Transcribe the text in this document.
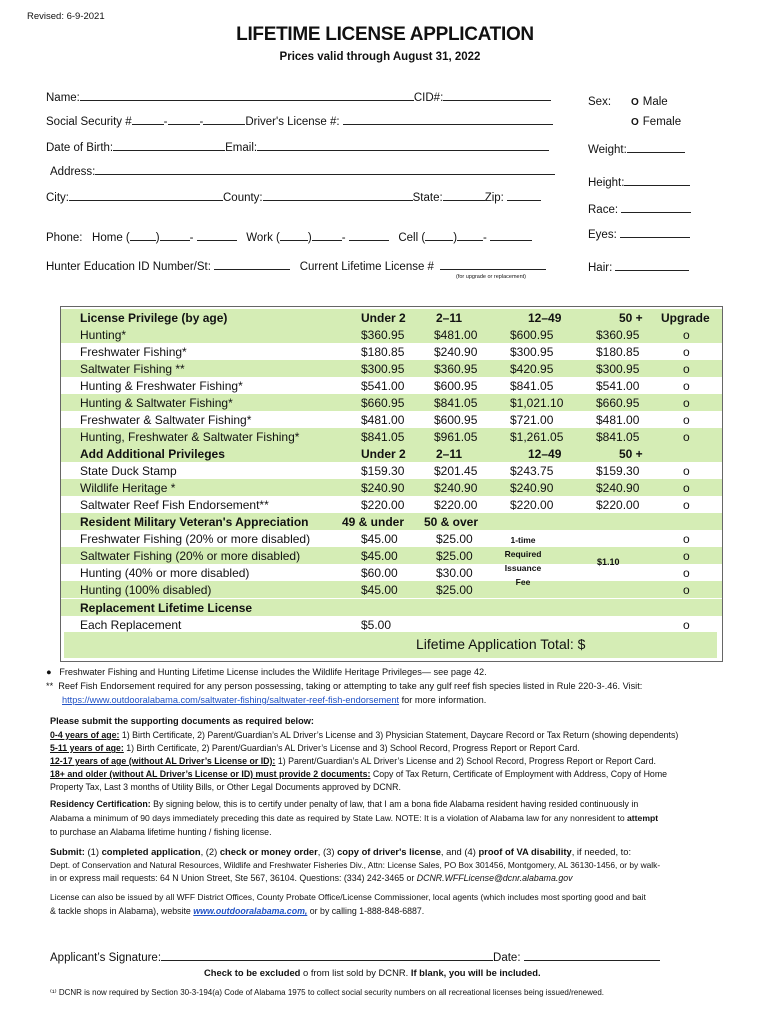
Revised: 6-9-2021
LIFETIME LICENSE APPLICATION
Prices valid through August 31, 2022
Name:	CID#:
Social Security #	-	-	Driver's License #:
Date of Birth:	Email:
Address:
City:	County:	State:	Zip:
Phone: Home ( )	-	Work ( )	-	Cell ( ) -
Hunter Education ID Number/St:	Current Lifetime License #
(for upgrade or replacement)
Sex: O Male
O Female
Weight:
Height:
Race:
Eyes:
Hair:
License Privilege (by age)	Under 2	2–11	12–49	50 + Upgrade
Hunting*	$360.95 $481.00	$600.95	$360.95	o
Freshwater Fishing*	$180.85 $240.90	$300.95	$180.85	o
Saltwater Fishing **	$300.95 $360.95	$420.95	$300.95	o
Hunting & Freshwater Fishing*	$541.00 $600.95	$841.05	$541.00	o
Hunting & Saltwater Fishing*	$660.95 $841.05	$1,021.10	$660.95	o
Freshwater & Saltwater Fishing*	$481.00 $600.95	$721.00	$481.00	o
Hunting, Freshwater & Saltwater Fishing*	$841.05 $961.05	$1,261.05	$841.05	o
Add Additional Privileges	Under 2	2–11	12–49	50 +
State Duck Stamp	$159.30 $201.45	$243.75	$159.30	o
Wildlife Heritage *	$240.90 $240.90	$240.90	$240.90	o
Saltwater Reef Fish Endorsement**	$220.00 $220.00	$220.00	$220.00	o
Resident Military Veteran's Appreciation	49 & under 50 & over
Freshwater Fishing (20% or more disabled)	$45.00	$25.00	o
Saltwater Fishing (20% or more disabled)	$45.00	$25.00	o
Hunting (40% or more disabled)	$60.00	$30.00	o
Hunting (100% disabled)	$45.00	$25.00	o
1-time
Required
Issuance
Fee
$1.10
Replacement Lifetime License
Each Replacement	$5.00	o
Lifetime Application Total: $
● Freshwater Fishing and Hunting Lifetime License includes the Wildlife Heritage Privileges— see page 42.
** Reef Fish Endorsement required for any person possessing, taking or attempting to take any gulf reef fish species listed in Rule 220-3-.46. Visit:
https://www.outdooralabama.com/saltwater-fishing/saltwater-reef-fish-endorsement for more information.
Please submit the supporting documents as required below:
0-4 years of age: 1) Birth Certificate, 2) Parent/Guardian’s AL Driver’s License and 3) Physician Statement, Daycare Record or Tax Return (showing dependents)
5-11 years of age: 1) Birth Certificate, 2) Parent/Guardian’s AL Driver’s License and 3) School Record, Progress Report or Report Card.
12-17 years of age (without AL Driver’s License or ID): 1) Parent/Guardian’s AL Driver’s License and 2) School Record, Progress Report or Report Card.
18+ and older (without AL Driver’s License or ID) must provide 2 documents: Copy of Tax Return, Certificate of Employment with Address, Copy of Home
Property Tax, Last 3 months of Utility Bills, or Other Legal Documents approved by DCNR.
Residency Certification: By signing below, this is to certify under penalty of law, that I am a bona fide Alabama resident having resided continuously in
Alabama a minimum of 90 days immediately preceding this date as required by State Law. NOTE: It is a violation of Alabama law for any nonresident to attempt
to purchase an Alabama lifetime hunting / fishing license.
Submit: (1) completed application, (2) check or money order, (3) copy of driver's license, and (4) proof of VA disability, if needed, to:
Dept. of Conservation and Natural Resources, Wildlife and Freshwater Fisheries Div., Attn: License Sales, PO Box 301456, Montgomery, AL 36130-1456, or by walk-
in or express mail requests: 64 N Union Street, Ste 567, 36104. Questions: (334) 242-3465 or DCNR.WFFLicense@dcnr.alabama.gov
License can also be issued by all WFF District Offices, County Probate Office/License Commissioner, local agents (which includes most sporting good and bait
& tackle shops in Alabama), website www.outdooralabama.com, or by calling 1-888-848-6887.
Applicant’s Signature:	Date:
Check to be excluded o from list sold by DCNR. If blank, you will be included.
⁽¹⁾ DCNR is now required by Section 30-3-194(a) Code of Alabama 1975 to collect social security numbers on all recreational licenses being issued/renewed.
